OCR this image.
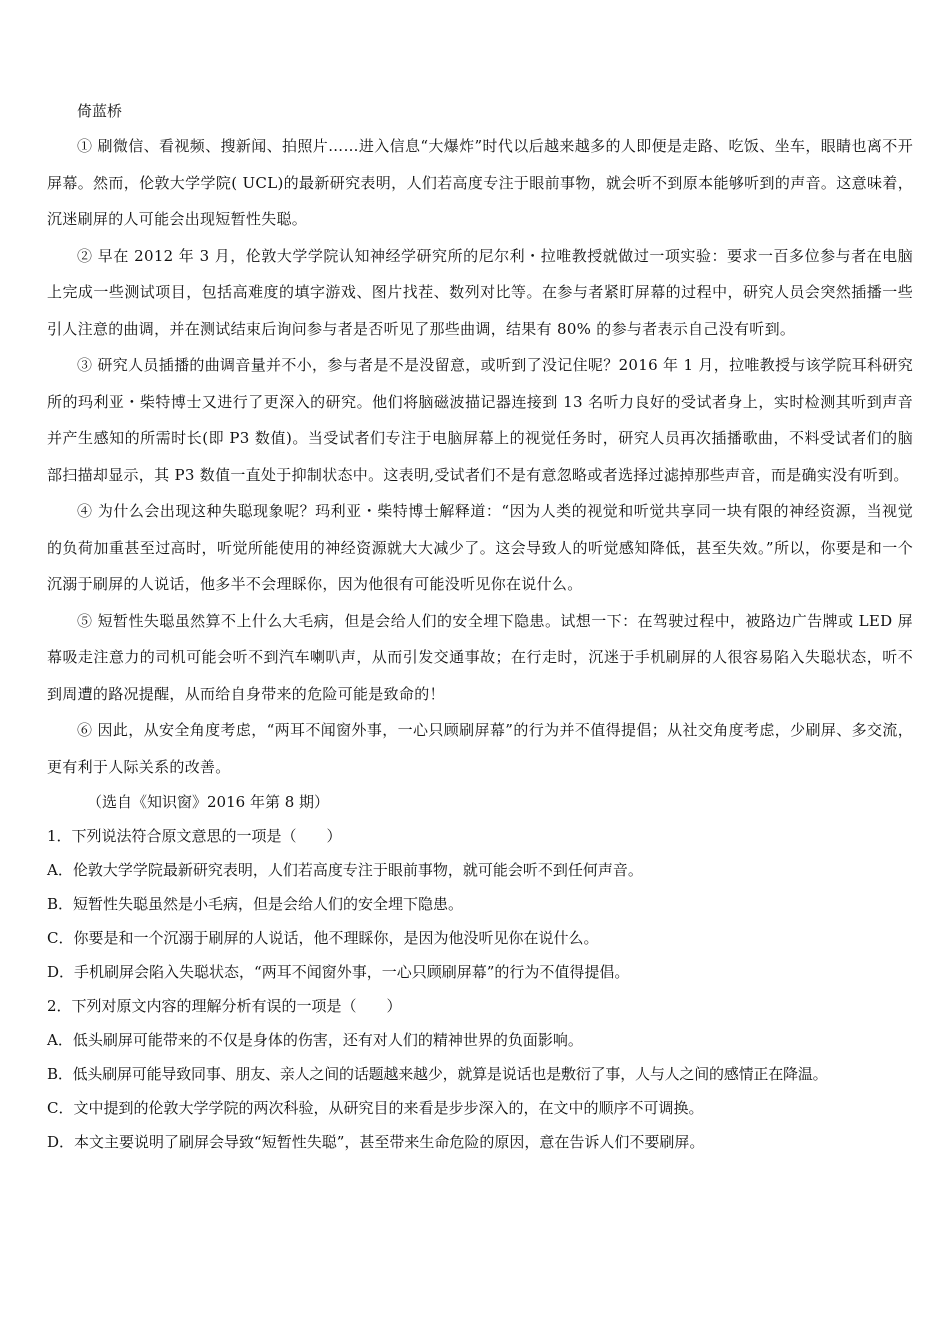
倚蓝桥

① 刷微信、看视频、搜新闻、拍照片……进入信息“大爆炸”时代以后越来越多的人即便是走路、吃饭、坐车，眼睛也离不开屏幕。然而，伦敦大学学院( UCL)的最新研究表明，人们若高度专注于眼前事物，就会听不到原本能够听到的声音。这意味着，沉迷刷屏的人可能会出现短暂性失聪。

② 早在 2012 年 3 月，伦敦大学学院认知神经学研究所的尼尔利・拉唯教授就做过一项实验：要求一百多位参与者在电脑上完成一些测试项目，包括高难度的填字游戏、图片找茬、数列对比等。在参与者紧盯屏幕的过程中，研究人员会突然插播一些引人注意的曲调，并在测试结束后询问参与者是否听见了那些曲调，结果有 80% 的参与者表示自己没有听到。

③ 研究人员插播的曲调音量并不小，参与者是不是没留意，或听到了没记住呢？2016 年 1 月，拉唯教授与该学院耳科研究所的玛利亚・柴特博士又进行了更深入的研究。他们将脑磁波描记器连接到 13 名听力良好的受试者身上，实时检测其听到声音并产生感知的所需时长(即 P3 数值)。当受试者们专注于电脑屏幕上的视觉任务时，研究人员再次插播歌曲，不料受试者们的脑部扫描却显示，其 P3 数值一直处于抑制状态中。这表明,受试者们不是有意忽略或者选择过滤掉那些声音，而是确实没有听到。

④ 为什么会出现这种失聪现象呢？玛利亚・柴特博士解释道：“因为人类的视觉和听觉共享同一块有限的神经资源，当视觉的负荷加重甚至过高时，听觉所能使用的神经资源就大大减少了。这会导致人的听觉感知降低，甚至失效。”所以，你要是和一个沉溺于刷屏的人说话，他多半不会理睬你，因为他很有可能没听见你在说什么。

⑤ 短暂性失聪虽然算不上什么大毛病，但是会给人们的安全埋下隐患。试想一下：在驾驶过程中，被路边广告牌或 LED 屏幕吸走注意力的司机可能会听不到汽车喇叭声，从而引发交通事故；在行走时，沉迷于手机刷屏的人很容易陷入失聪状态，听不到周遭的路况提醒，从而给自身带来的危险可能是致命的！

⑥ 因此，从安全角度考虑，“两耳不闻窗外事，一心只顾刷屏幕”的行为并不值得提倡；从社交角度考虑，少刷屏、多交流，更有利于人际关系的改善。

（选自《知识窗》2016 年第 8 期）

1．下列说法符合原文意思的一项是（　　）

A．伦敦大学学院最新研究表明，人们若高度专注于眼前事物，就可能会听不到任何声音。

B．短暂性失聪虽然是小毛病，但是会给人们的安全埋下隐患。

C．你要是和一个沉溺于刷屏的人说话，他不理睬你，是因为他没听见你在说什么。

D．手机刷屏会陷入失聪状态，“两耳不闻窗外事，一心只顾刷屏幕”的行为不值得提倡。

2．下列对原文内容的理解分析有误的一项是（　　）

A．低头刷屏可能带来的不仅是身体的伤害，还有对人们的精神世界的负面影响。

B．低头刷屏可能导致同事、朋友、亲人之间的话题越来越少，就算是说话也是敷衍了事，人与人之间的感情正在降温。

C．文中提到的伦敦大学学院的两次科验，从研究目的来看是步步深入的，在文中的顺序不可调换。

D．本文主要说明了刷屏会导致“短暂性失聪”，甚至带来生命危险的原因，意在告诉人们不要刷屏。
